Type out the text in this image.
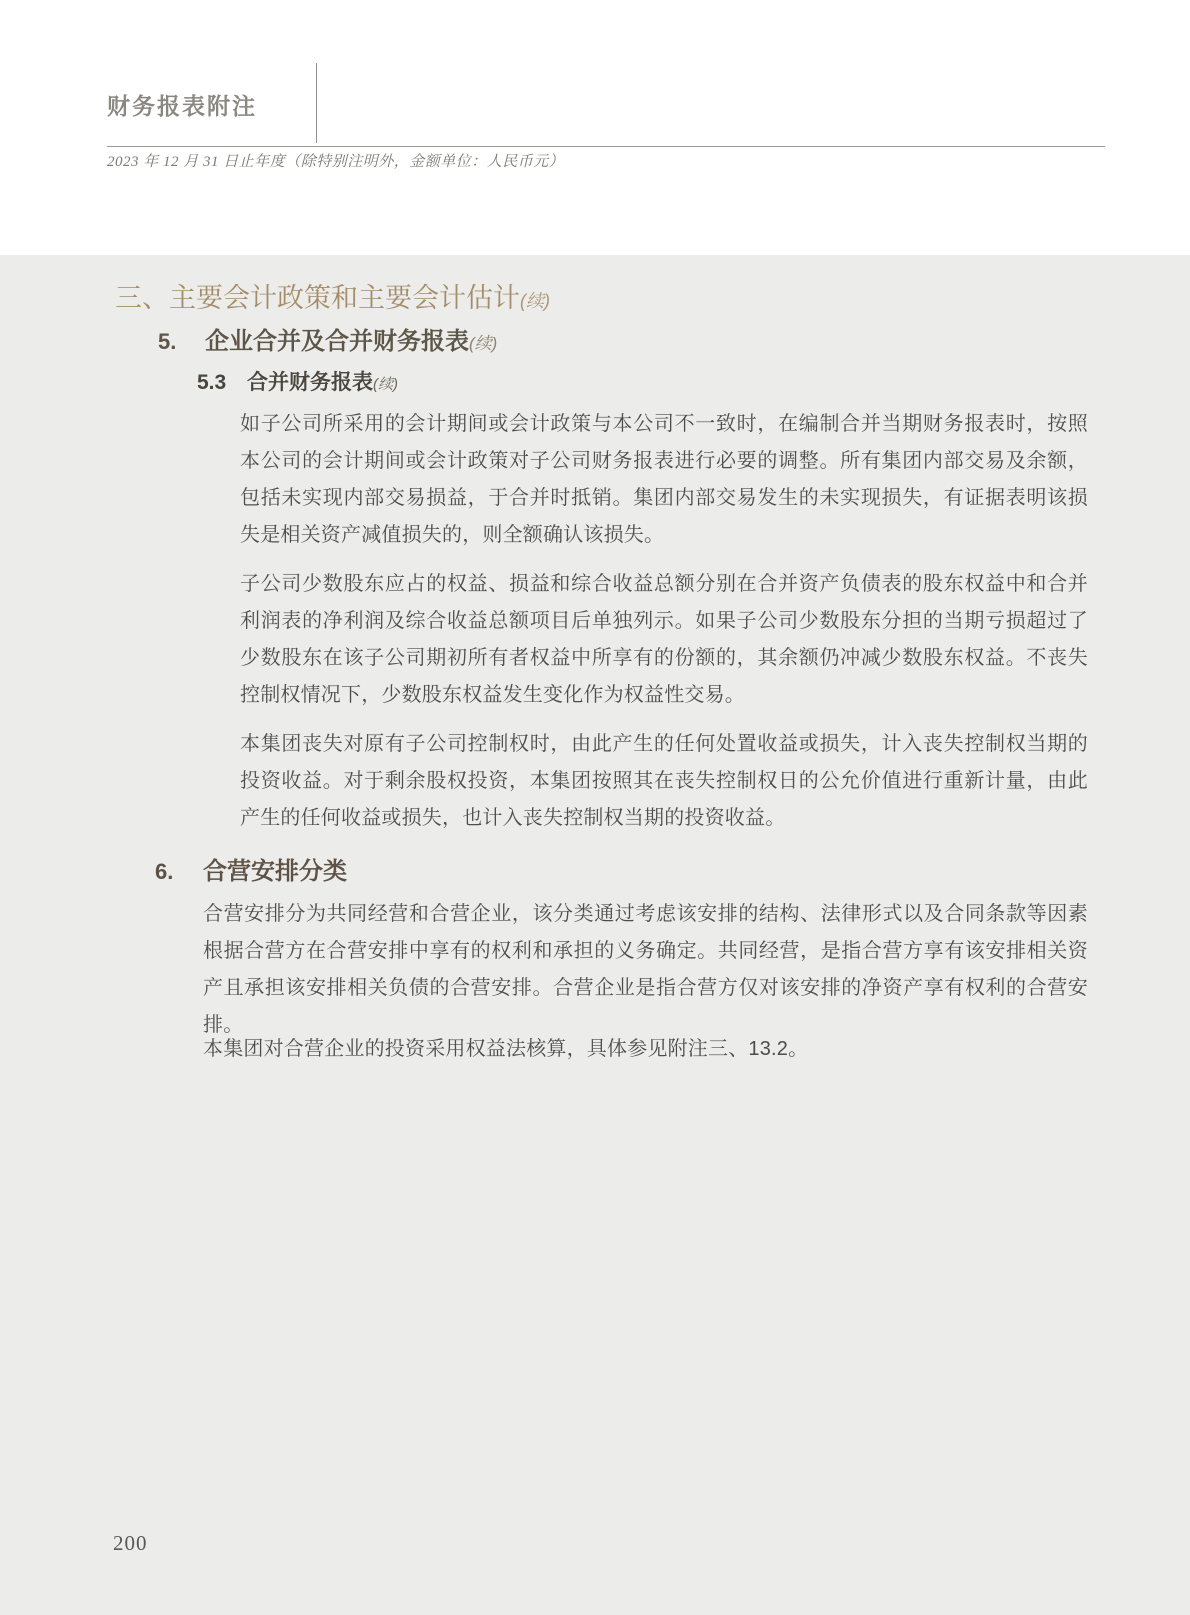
财务报表附注
2023 年 12 月 31 日止年度（除特别注明外，金额单位：人民币元）
三、主要会计政策和主要会计估计(续)
5. 企业合并及合并财务报表(续)
5.3 合并财务报表(续)
如子公司所采用的会计期间或会计政策与本公司不一致时，在编制合并当期财务报表时，按照本公司的会计期间或会计政策对子公司财务报表进行必要的调整。所有集团内部交易及余额，包括未实现内部交易损益，于合并时抵销。集团内部交易发生的未实现损失，有证据表明该损失是相关资产减值损失的，则全额确认该损失。
子公司少数股东应占的权益、损益和综合收益总额分别在合并资产负债表的股东权益中和合并利润表的净利润及综合收益总额项目后单独列示。如果子公司少数股东分担的当期亏损超过了少数股东在该子公司期初所有者权益中所享有的份额的，其余额仍冲减少数股东权益。不丧失控制权情况下，少数股东权益发生变化作为权益性交易。
本集团丧失对原有子公司控制权时，由此产生的任何处置收益或损失，计入丧失控制权当期的投资收益。对于剩余股权投资，本集团按照其在丧失控制权日的公允价值进行重新计量，由此产生的任何收益或损失，也计入丧失控制权当期的投资收益。
6. 合营安排分类
合营安排分为共同经营和合营企业，该分类通过考虑该安排的结构、法律形式以及合同条款等因素根据合营方在合营安排中享有的权利和承担的义务确定。共同经营，是指合营方享有该安排相关资产且承担该安排相关负债的合营安排。合营企业是指合营方仅对该安排的净资产享有权利的合营安排。
本集团对合营企业的投资采用权益法核算，具体参见附注三、13.2。
200
